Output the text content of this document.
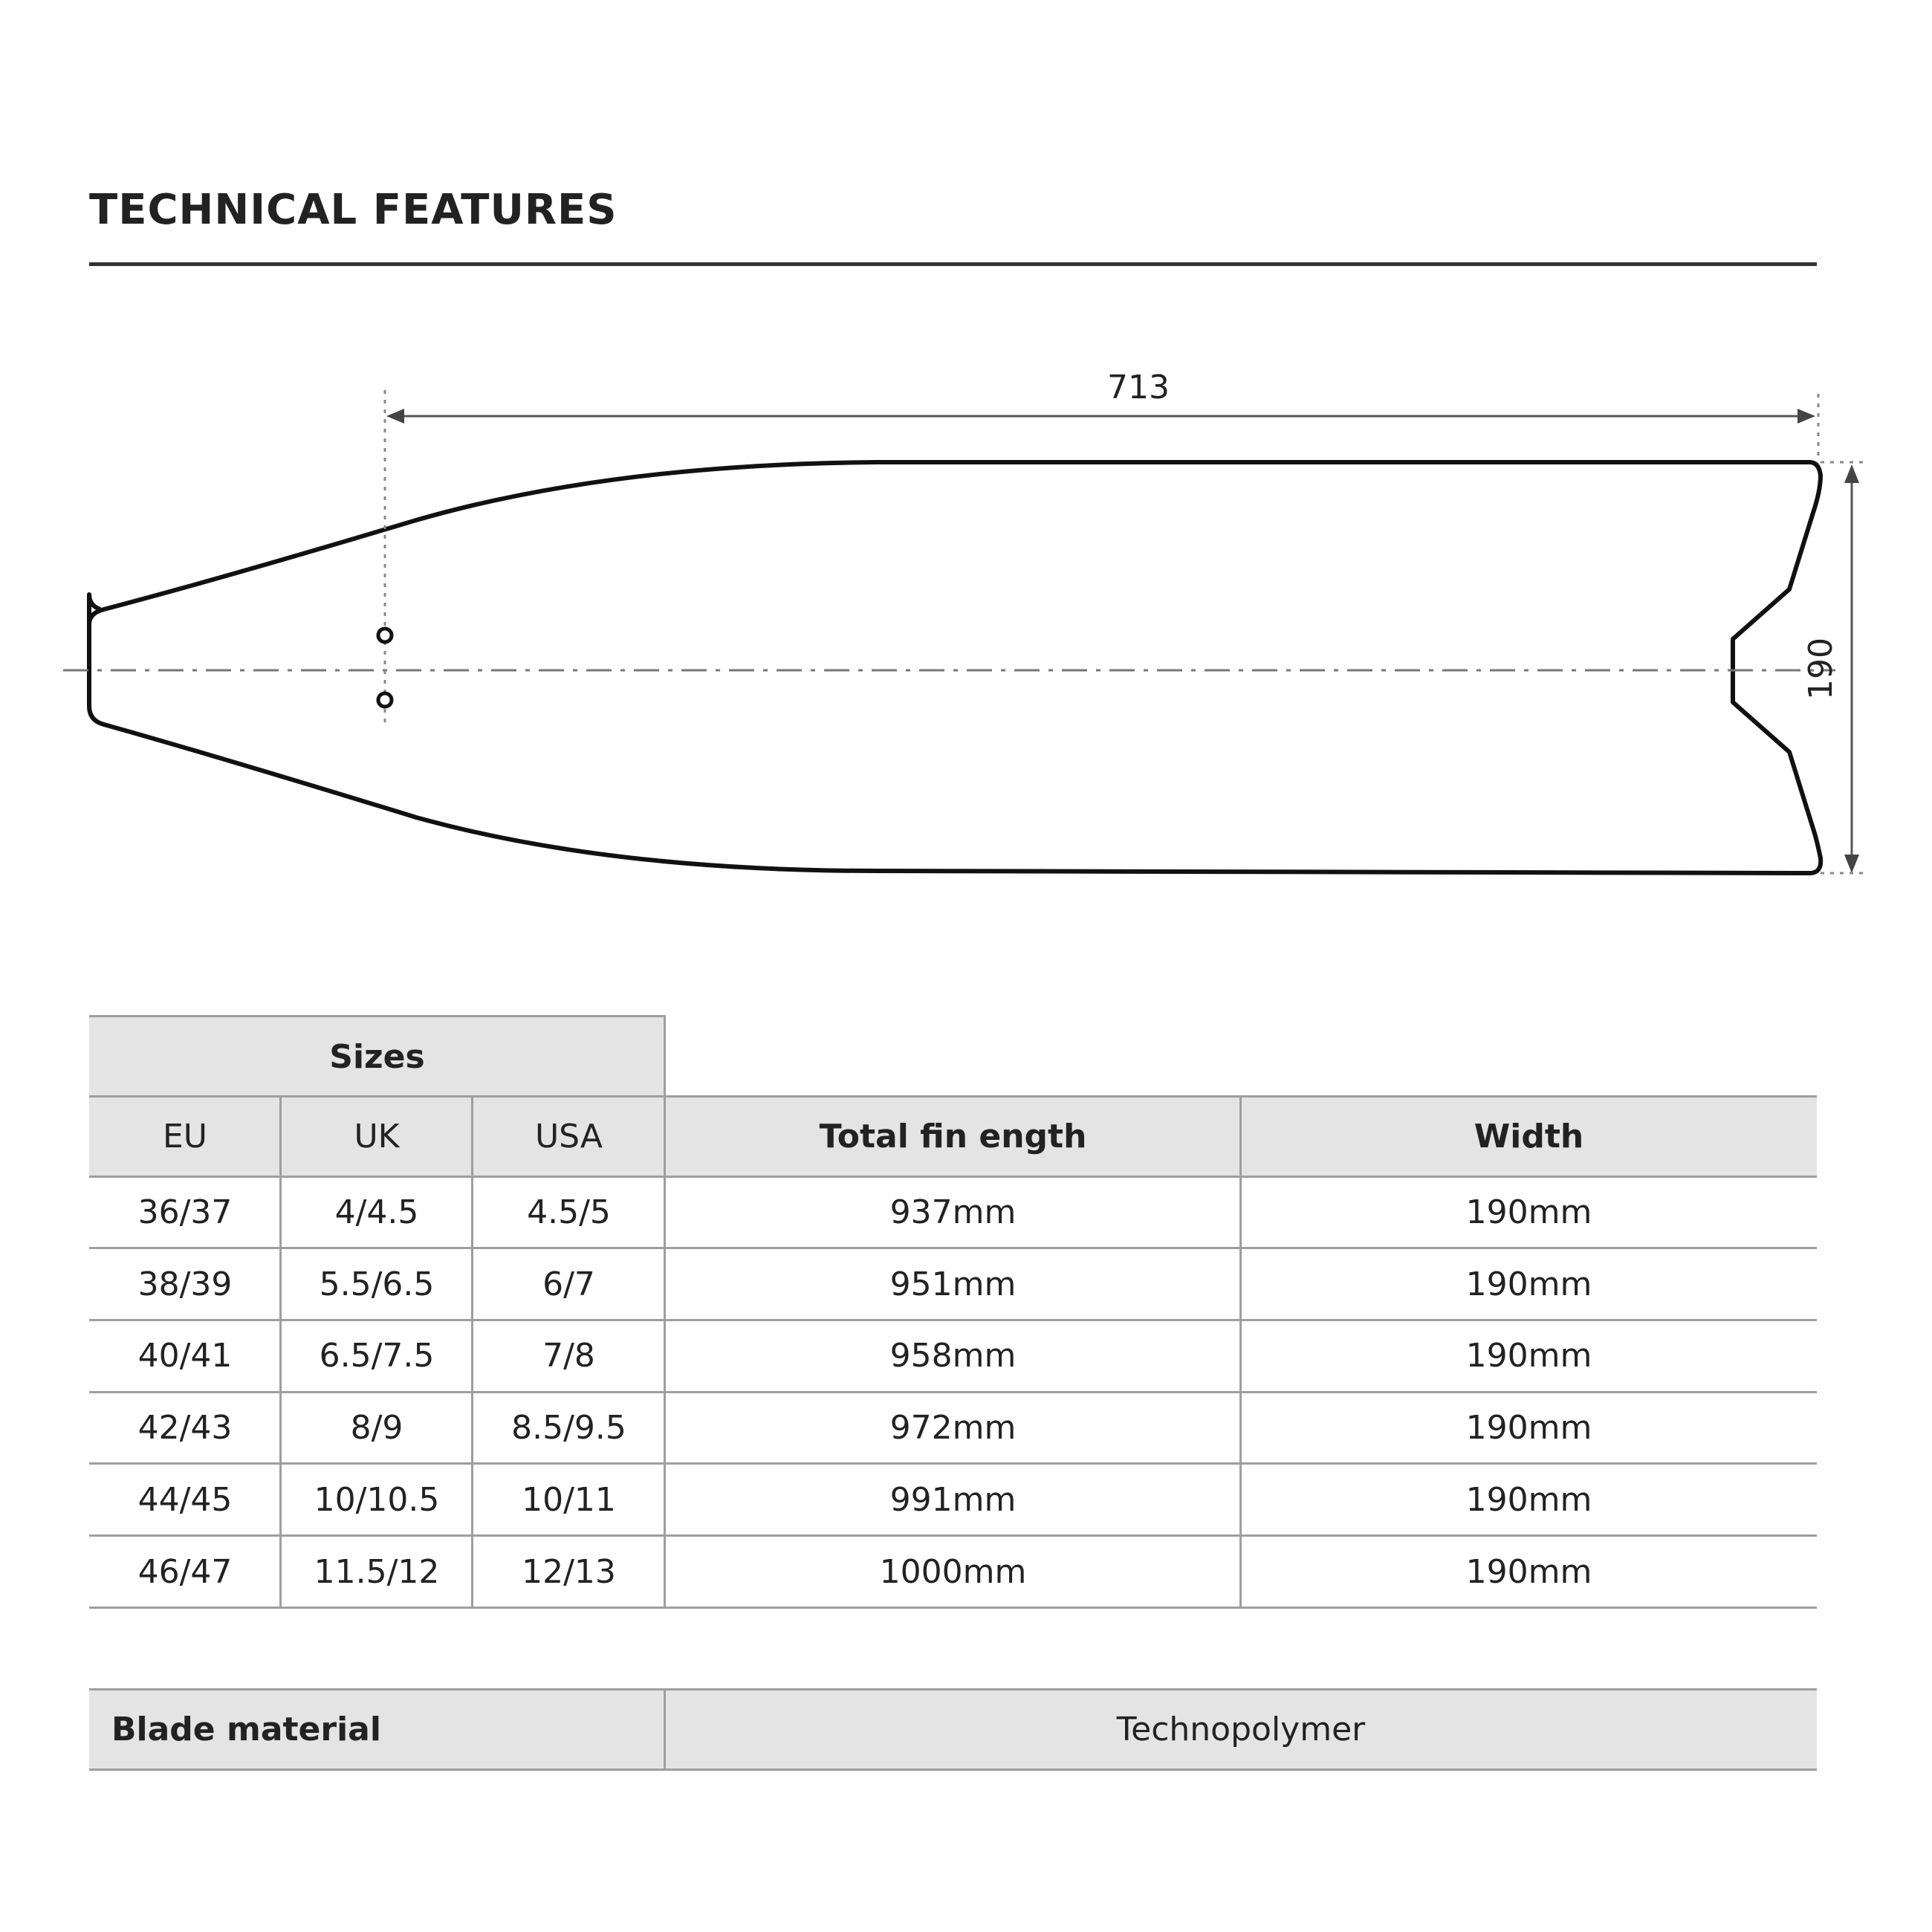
TECHNICAL FEATURES
713
190
Sizes
EU	UK	USA	Total fin ength	Width
36/37	4/4.5	4.5/5	937mm	190mm
38/39	5.5/6.5	6/7	951mm	190mm
40/41	6.5/7.5	7/8	958mm	190mm
42/43	8/9	8.5/9.5	972mm	190mm
44/45	10/10.5	10/11	991mm	190mm
46/47	11.5/12	12/13	1000mm	190mm
Blade material	Technopolymer
